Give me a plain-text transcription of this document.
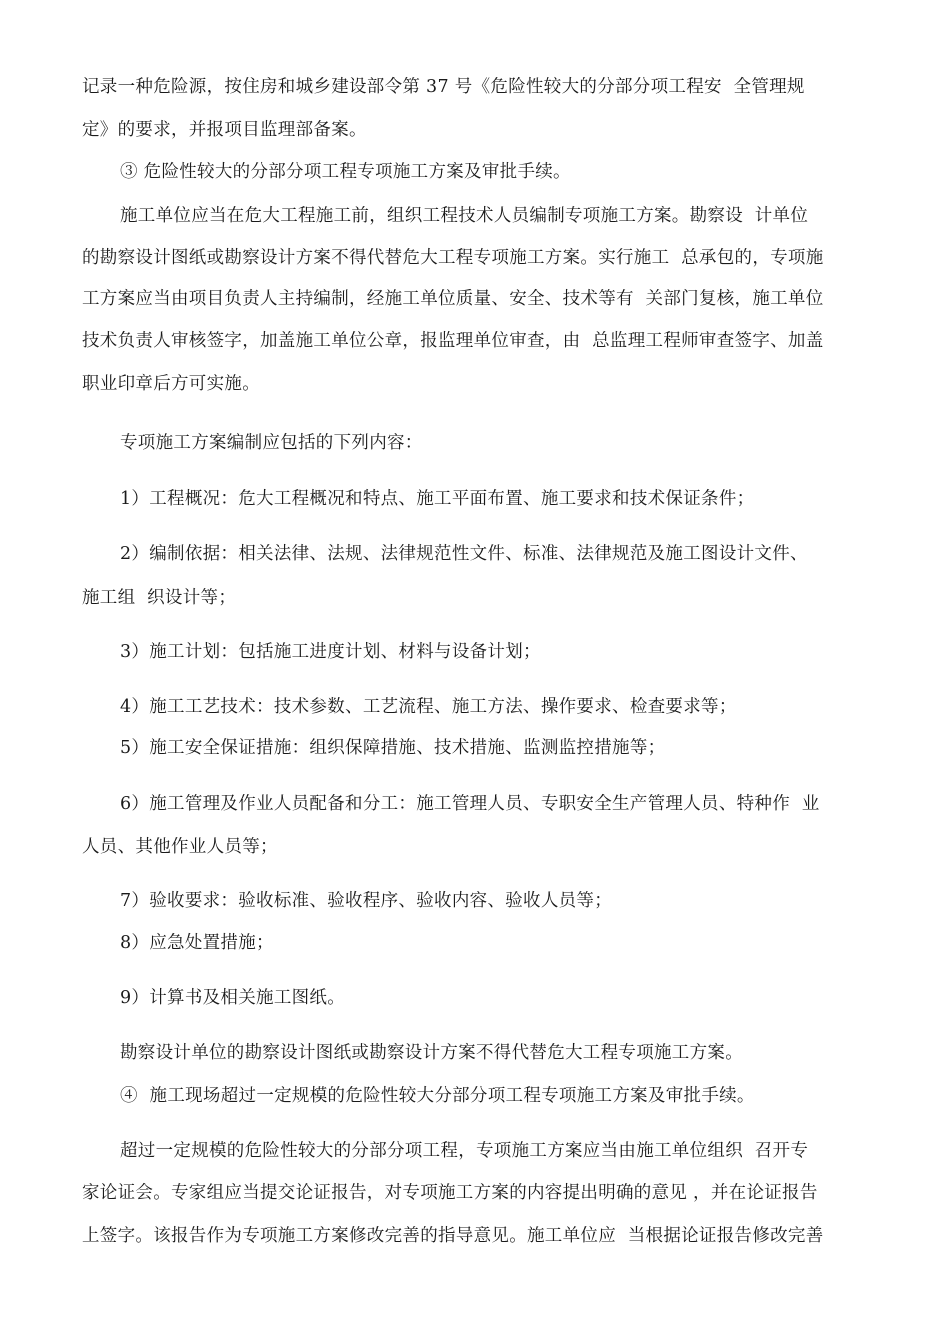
记录一种危险源，按住房和城乡建设部令第 37 号《危险性较大的分部分项工程安  全管理规
定》的要求，并报项目监理部备案。
③ 危险性较大的分部分项工程专项施工方案及审批手续。
施工单位应当在危大工程施工前，组织工程技术人员编制专项施工方案。勘察设  计单位
的勘察设计图纸或勘察设计方案不得代替危大工程专项施工方案。实行施工  总承包的，专项施
工方案应当由项目负责人主持编制，经施工单位质量、安全、技术等有  关部门复核，施工单位
技术负责人审核签字，加盖施工单位公章，报监理单位审查，由  总监理工程师审查签字、加盖
职业印章后方可实施。
专项施工方案编制应包括的下列内容：
1）工程概况：危大工程概况和特点、施工平面布置、施工要求和技术保证条件；
2）编制依据：相关法律、法规、法律规范性文件、标准、法律规范及施工图设计文件、
施工组  织设计等；
3）施工计划：包括施工进度计划、材料与设备计划；
4）施工工艺技术：技术参数、工艺流程、施工方法、操作要求、检查要求等；
5）施工安全保证措施：组织保障措施、技术措施、监测监控措施等；
6）施工管理及作业人员配备和分工：施工管理人员、专职安全生产管理人员、特种作  业
人员、其他作业人员等；
7）验收要求：验收标准、验收程序、验收内容、验收人员等；
8）应急处置措施；
9）计算书及相关施工图纸。
勘察设计单位的勘察设计图纸或勘察设计方案不得代替危大工程专项施工方案。
④  施工现场超过一定规模的危险性较大分部分项工程专项施工方案及审批手续。
超过一定规模的危险性较大的分部分项工程，专项施工方案应当由施工单位组织  召开专
家论证会。专家组应当提交论证报告，对专项施工方案的内容提出明确的意见 ，并在论证报告
上签字。该报告作为专项施工方案修改完善的指导意见。施工单位应  当根据论证报告修改完善
